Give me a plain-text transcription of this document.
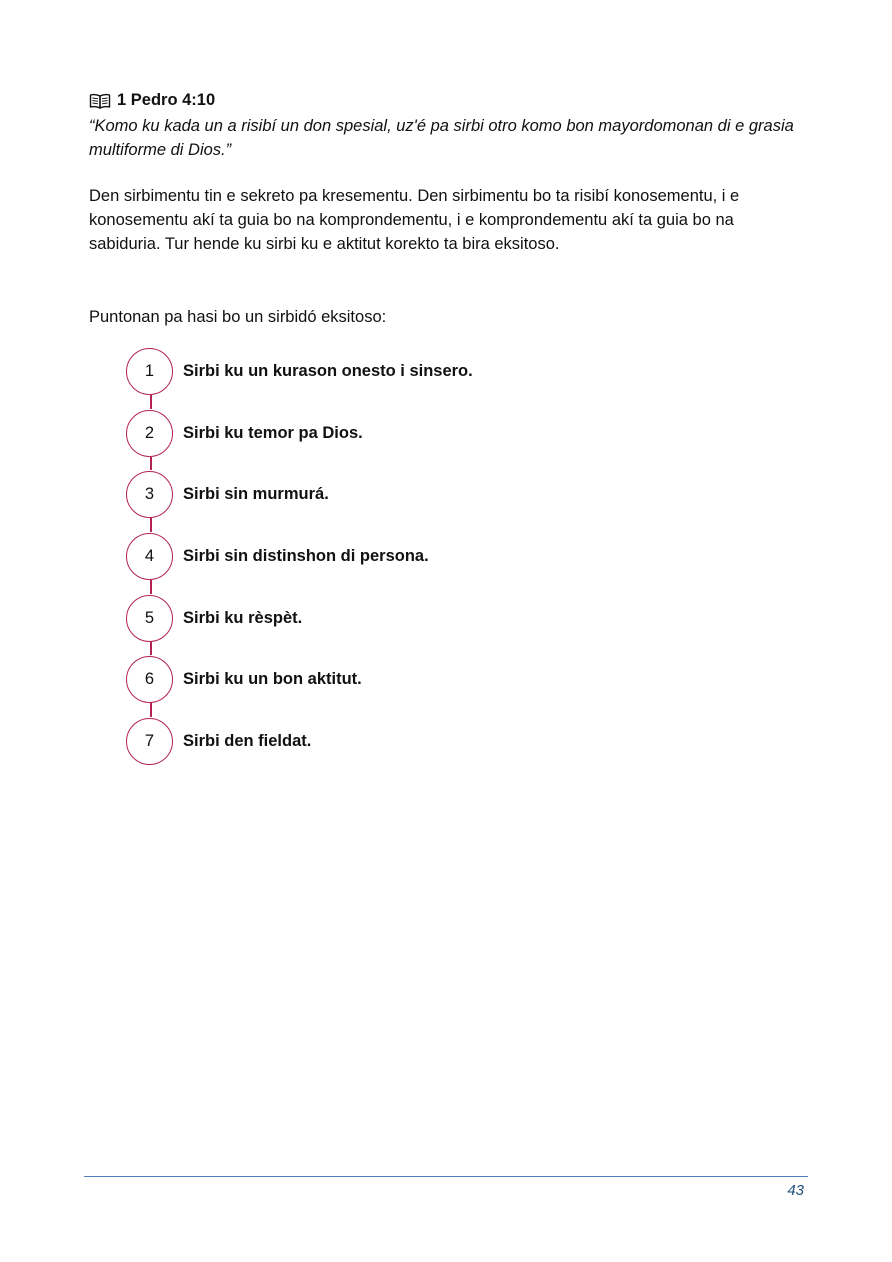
1 Pedro 4:10
“Komo ku kada un a risibí un don spesial, uz'é pa sirbi otro komo bon mayordomonan di e grasia multiforme di Dios.”
Den sirbimentu tin e sekreto pa kresementu. Den sirbimentu bo ta risibí konosementu, i e konosementu akí ta guia bo na komprondementu, i e komprondementu akí ta guia bo na sabiduria. Tur hende ku sirbi ku e aktitut korekto ta bira eksitoso.
Puntonan pa hasi bo un sirbidó eksitoso:
1	Sirbi ku un kurason onesto i sinsero.
2	Sirbi ku temor pa Dios.
3	Sirbi sin murmurá.
4	Sirbi sin distinshon di persona.
5	Sirbi ku rèspèt.
6	Sirbi ku un bon aktitut.
7	Sirbi den fieldat.
43
